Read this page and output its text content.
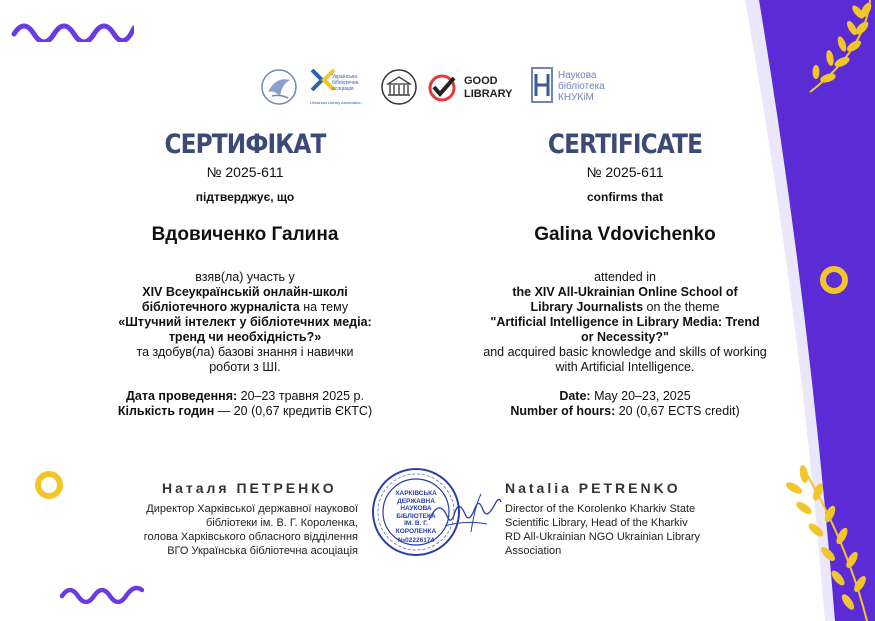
Українська бібліотечна асоціація
Ukrainian Library Association
GOOD
LIBRARY
Наукова
бібліотека
КНУКіМ
СЕРТИФІКАТ
№ 2025-611
підтверджує, що
Вдовиченко Галина
взяв(ла) участь у
XIV Всеукраїнській онлайн-школі
бібліотечного журналіста на тему
«Штучний інтелект у бібліотечних медіа:
тренд чи необхідність?»
та здобув(ла) базові знання і навички
роботи з ШІ.
Дата проведення: 20–23 травня 2025 р.
Кількість годин — 20 (0,67 кредитів ЄКТС)
CERTIFICATE
№ 2025-611
confirms that
Galina Vdovichenko
attended in
the XIV All-Ukrainian Online School of
Library Journalists on the theme
"Artificial Intelligence in Library Media: Trend
or Necessity?"
and acquired basic knowledge and skills of working
with Artificial Intelligence.
Date: May 20–23, 2025
Number of hours: 20 (0,67 ECTS credit)
Наталя ПЕТРЕНКО
Директор Харківської державної наукової
бібліотеки ім. В. Г. Короленка,
голова Харківського обласного відділення
ВГО Українська бібліотечна асоціація
Natalia PETRENKO
Director of the Korolenko Kharkiv State
Scientific Library, Head of the Kharkiv
RD All-Ukrainian NGO Ukrainian Library
Association
ХАРКІВСЬКА
ДЕРЖАВНА
НАУКОВА
БІБЛІОТЕКА
ІМ. В. Г. КОРОЛЕНКА
№02226174
